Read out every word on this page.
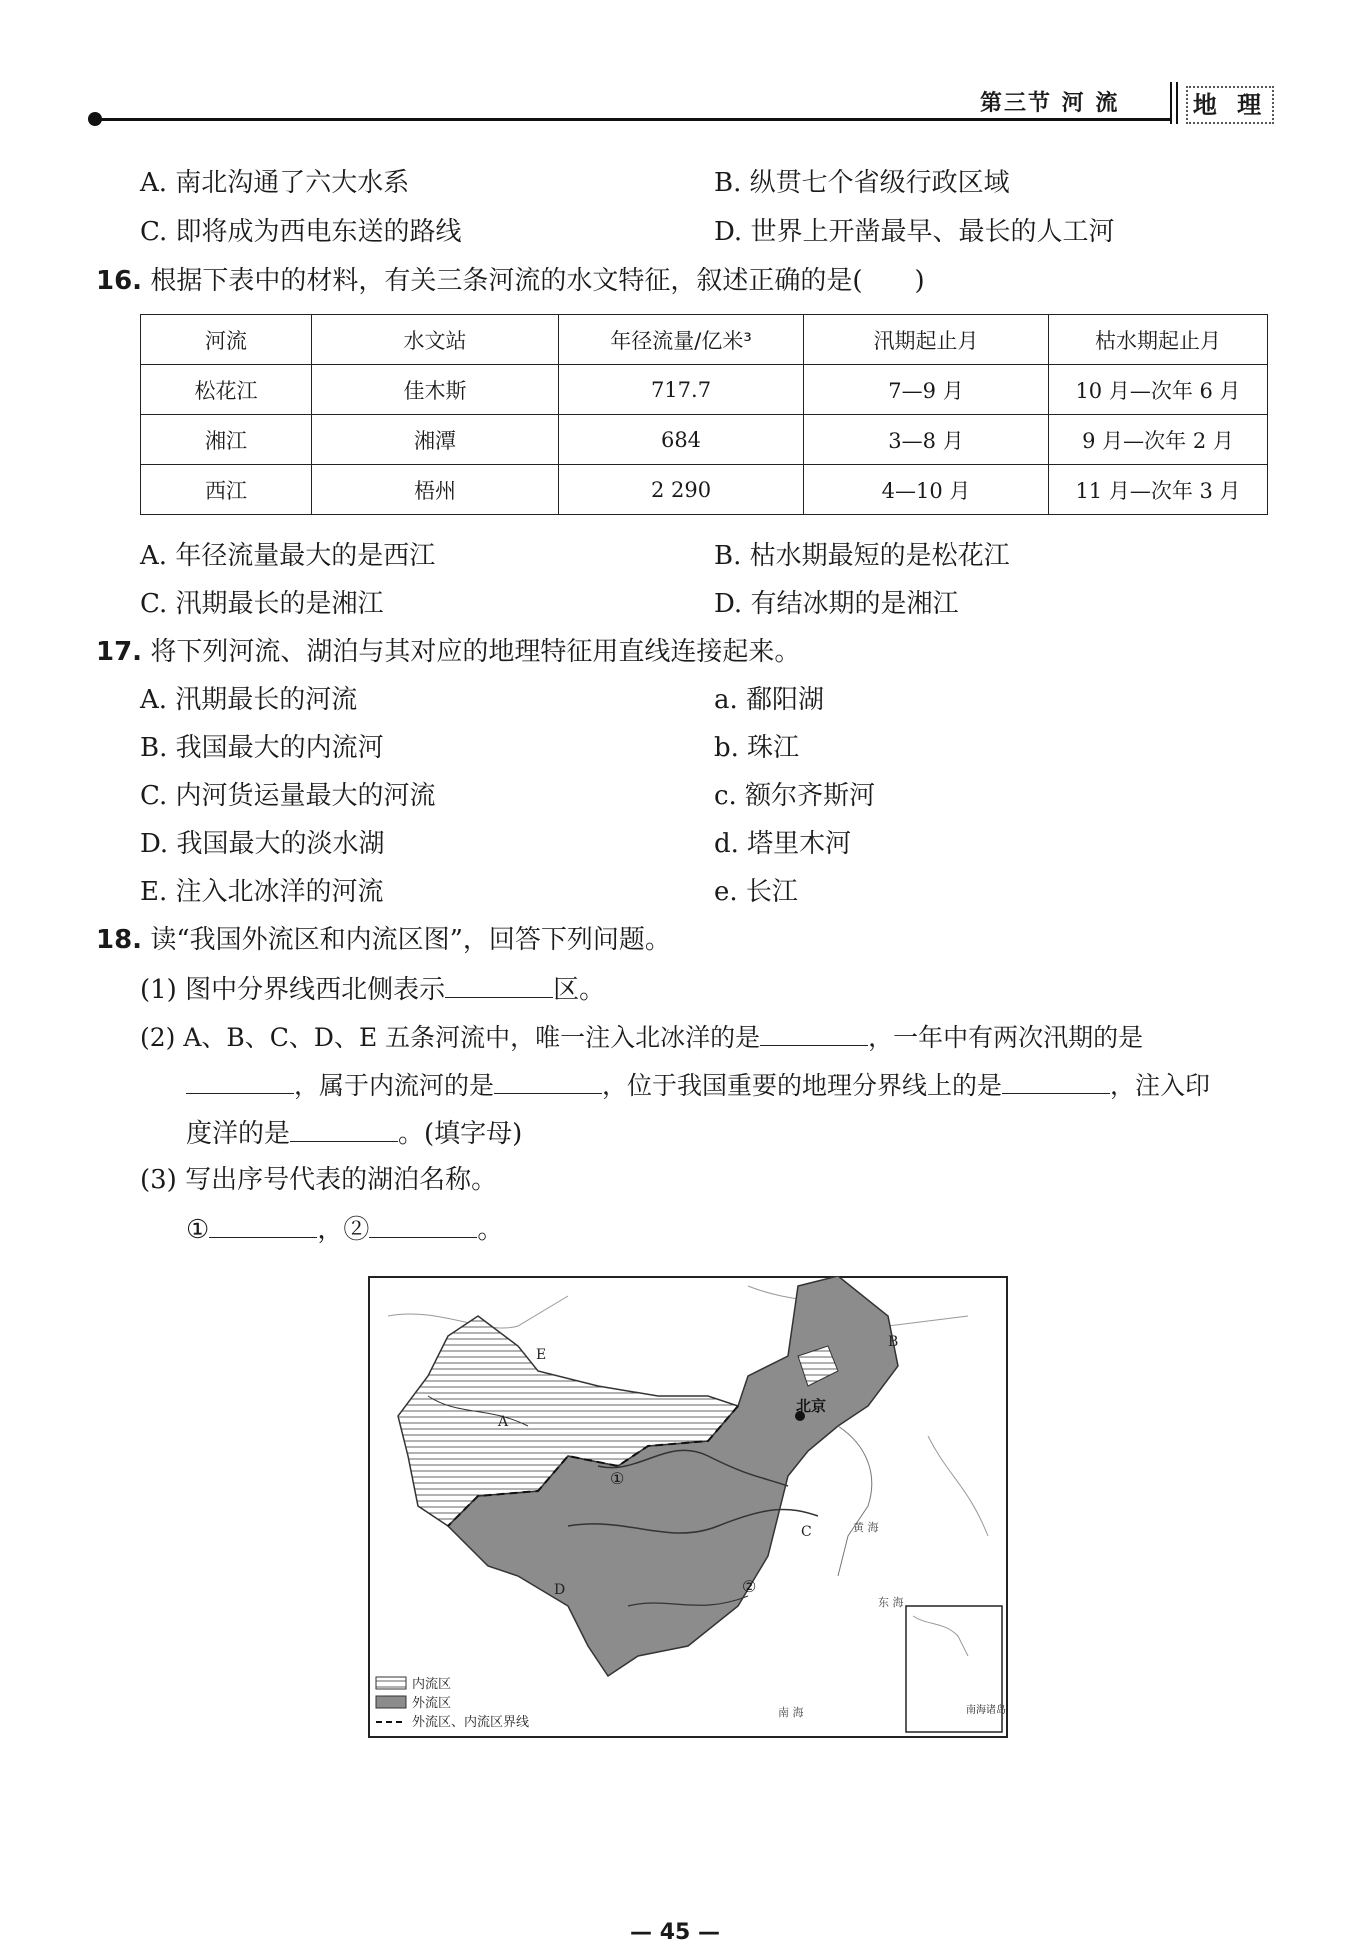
第三节 河 流	地 理
A. 南北沟通了六大水系	B. 纵贯七个省级行政区域
C. 即将成为西电东送的路线	D. 世界上开凿最早、最长的人工河
16. 根据下表中的材料，有关三条河流的水文特征，叙述正确的是(　　)
河流	水文站	年径流量/亿米³	汛期起止月	枯水期起止月
松花江	佳木斯	717.7	7—9 月	10 月—次年 6 月
湘江	湘潭	684	3—8 月	9 月—次年 2 月
西江	梧州	2 290	4—10 月	11 月—次年 3 月
A. 年径流量最大的是西江	B. 枯水期最短的是松花江
C. 汛期最长的是湘江	D. 有结冰期的是湘江
17. 将下列河流、湖泊与其对应的地理特征用直线连接起来。
A. 汛期最长的河流	a. 鄱阳湖
B. 我国最大的内流河	b. 珠江
C. 内河货运量最大的河流	c. 额尔齐斯河
D. 我国最大的淡水湖	d. 塔里木河
E. 注入北冰洋的河流	e. 长江
18. 读“我国外流区和内流区图”，回答下列问题。
(1) 图中分界线西北侧表示	区。
(2) A、B、C、D、E 五条河流中，唯一注入北冰洋的是	，一年中有两次汛期的是
，属于内流河的是	，位于我国重要的地理分界线上的是	，注入印
度洋的是	。(填字母)
(3) 写出序号代表的湖泊名称。
①	，②	。
E
A
B
C
D
北京
①
②
黄 海
东 海
南 海	南海诸岛
内流区
外流区
外流区、内流区界线
— 45 —
